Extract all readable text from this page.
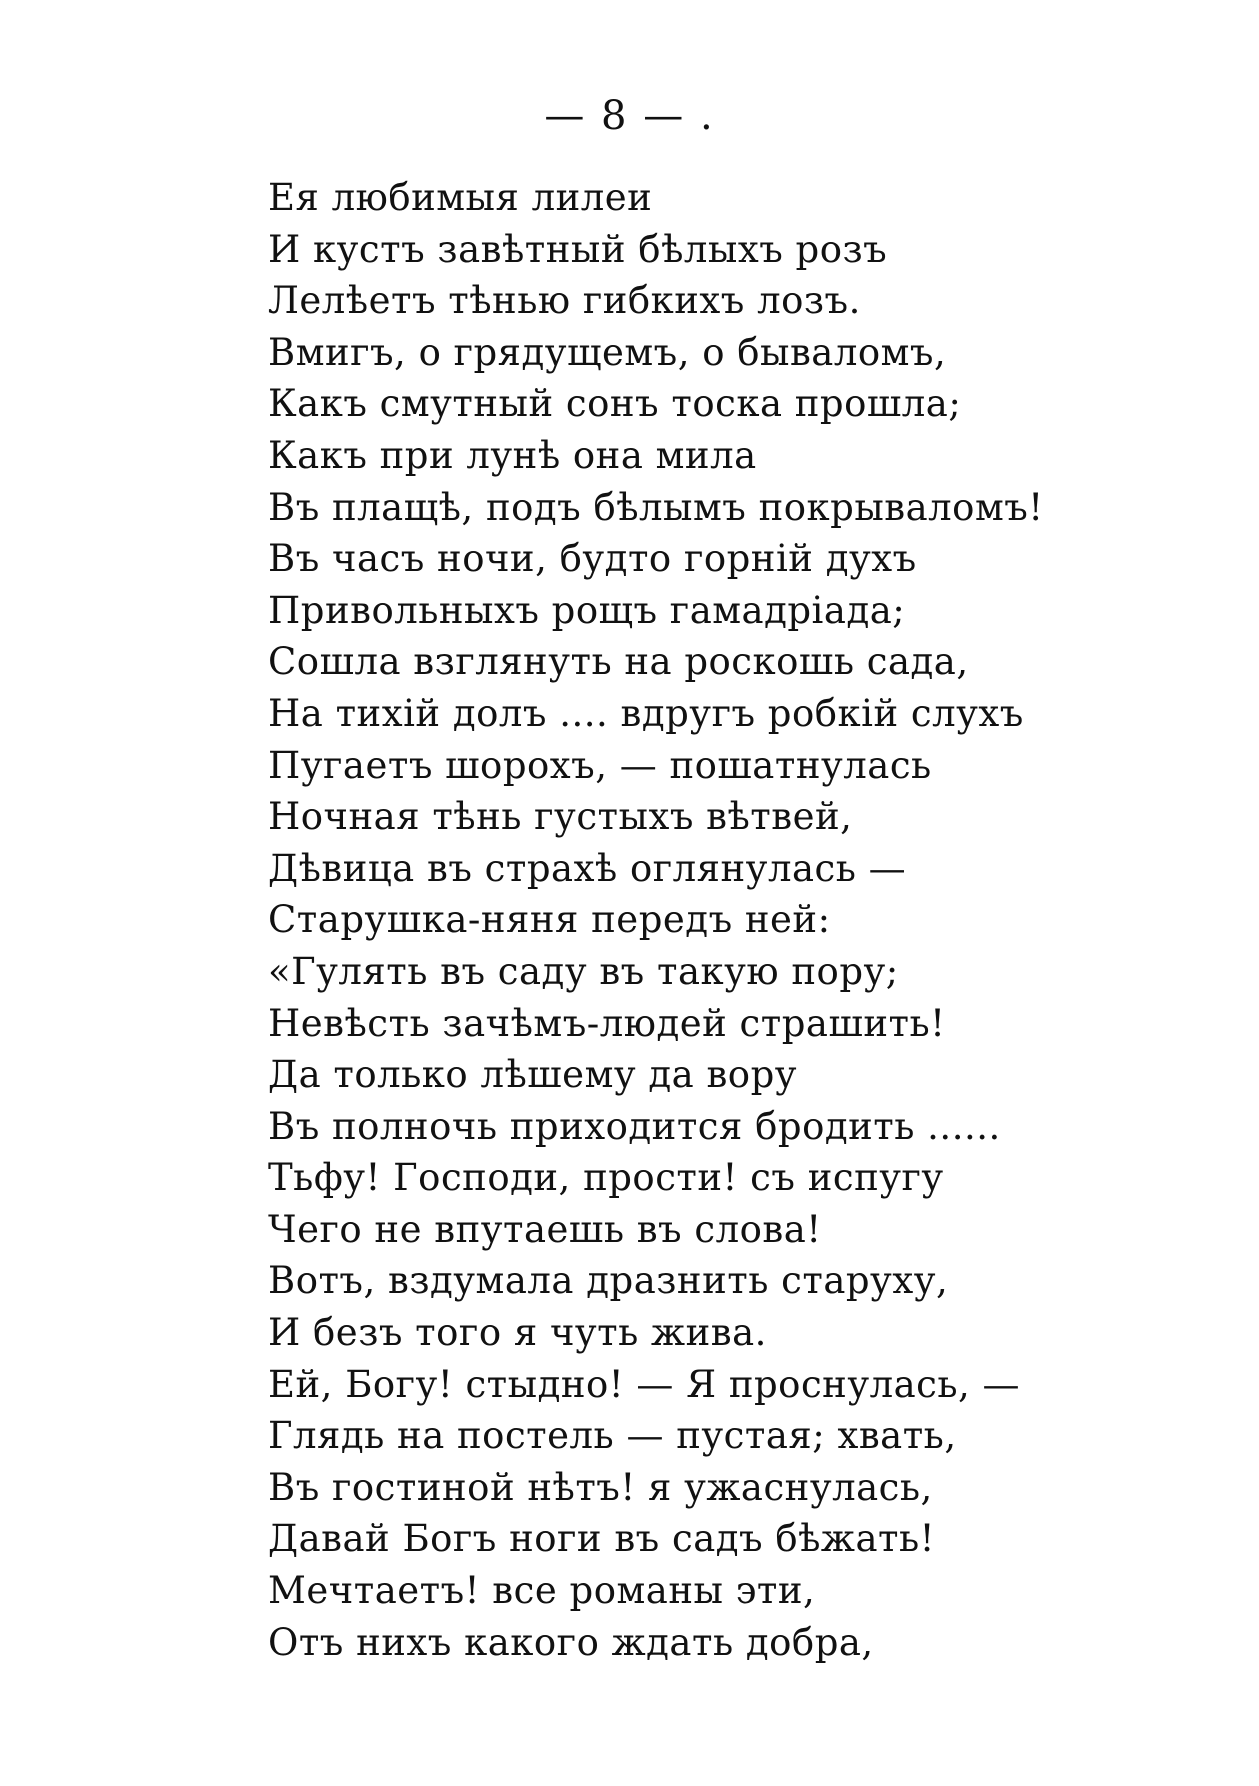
— 8 — .
Ея любимыя лилеи
И кустъ завѣтный бѣлыхъ розъ
Лелѣетъ тѣнью гибкихъ лозъ.
Вмигъ, о грядущемъ, о бываломъ,
Какъ смутный сонъ тоска прошла;
Какъ при лунѣ она мила
Въ плащѣ, подъ бѣлымъ покрываломъ!
Въ часъ ночи, будто горній духъ
Привольныхъ рощъ гамадріада;
Сошла взглянуть на роскошь сада,
На тихій долъ .... вдругъ робкій слухъ
Пугаетъ шорохъ, — пошатнулась
Ночная тѣнь густыхъ вѣтвей,
Дѣвица въ страхѣ оглянулась —
Старушка-няня передъ ней:
«Гулять въ саду въ такую пору;
Невѣсть зачѣмъ-людей страшить!
Да только лѣшему да вору
Въ полночь приходится бродить ......
Тьфу! Господи, прости! съ испугу
Чего не впутаешь въ слова!
Вотъ, вздумала дразнить старуху,
И безъ того я чуть жива.
Ей, Богу! стыдно! — Я проснулась, —
Глядь на постель — пустая; хвать,
Въ гостиной нѣтъ! я ужаснулась,
Давай Богъ ноги въ садъ бѣжать!
Мечтаетъ! все романы эти,
Отъ нихъ какого ждать добра,
